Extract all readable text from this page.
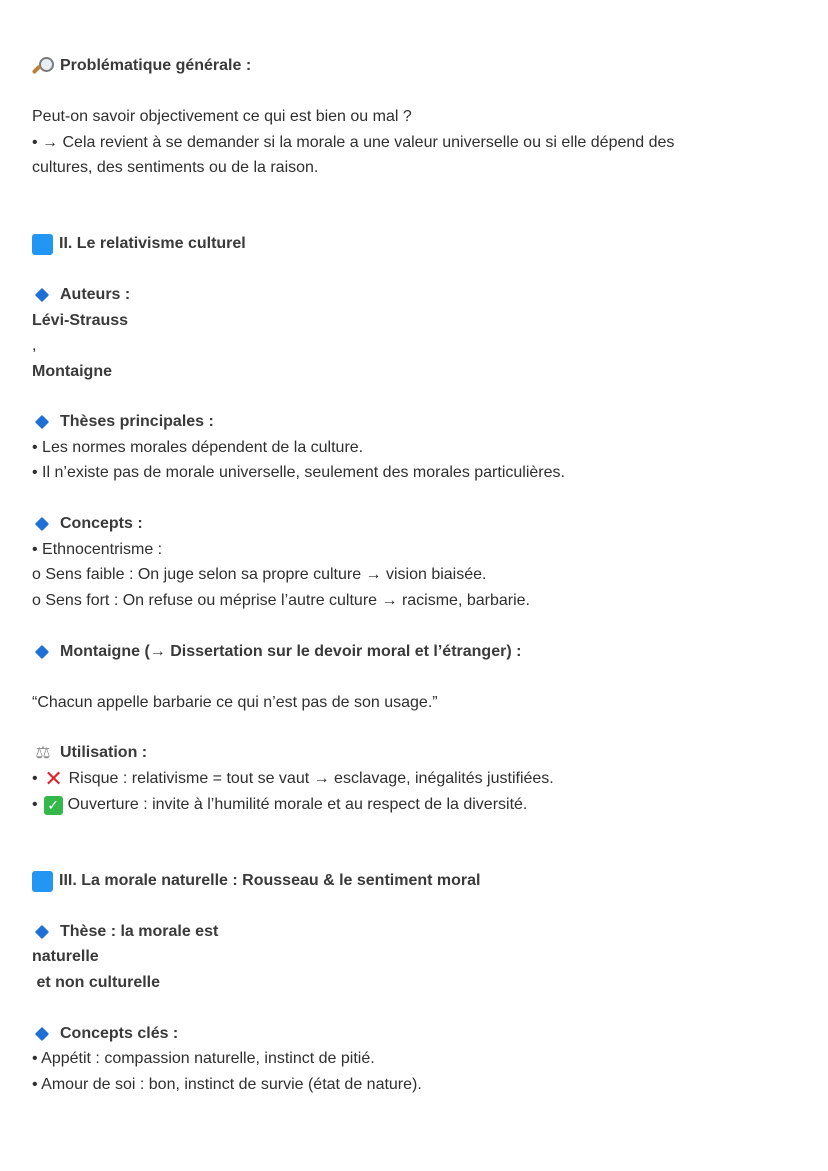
Problématique générale :
Peut-on savoir objectivement ce qui est bien ou mal ?
• → Cela revient à se demander si la morale a une valeur universelle ou si elle dépend des
cultures, des sentiments ou de la raison.
II. Le relativisme culturel
Auteurs :
Lévi-Strauss
,
Montaigne
Thèses principales :
• Les normes morales dépendent de la culture.
• Il n’existe pas de morale universelle, seulement des morales particulières.
Concepts :
• Ethnocentrisme :
o Sens faible : On juge selon sa propre culture → vision biaisée.
o Sens fort : On refuse ou méprise l’autre culture → racisme, barbarie.
Montaigne (→ Dissertation sur le devoir moral et l’étranger) :
“Chacun appelle barbarie ce qui n’est pas de son usage.”
⚖ Utilisation :
• ✕ Risque : relativisme = tout se vaut → esclavage, inégalités justifiées.
• ✓ Ouverture : invite à l’humilité morale et au respect de la diversité.
III. La morale naturelle : Rousseau & le sentiment moral
Thèse : la morale est
naturelle
et non culturelle
Concepts clés :
• Appétit : compassion naturelle, instinct de pitié.
• Amour de soi : bon, instinct de survie (état de nature).
